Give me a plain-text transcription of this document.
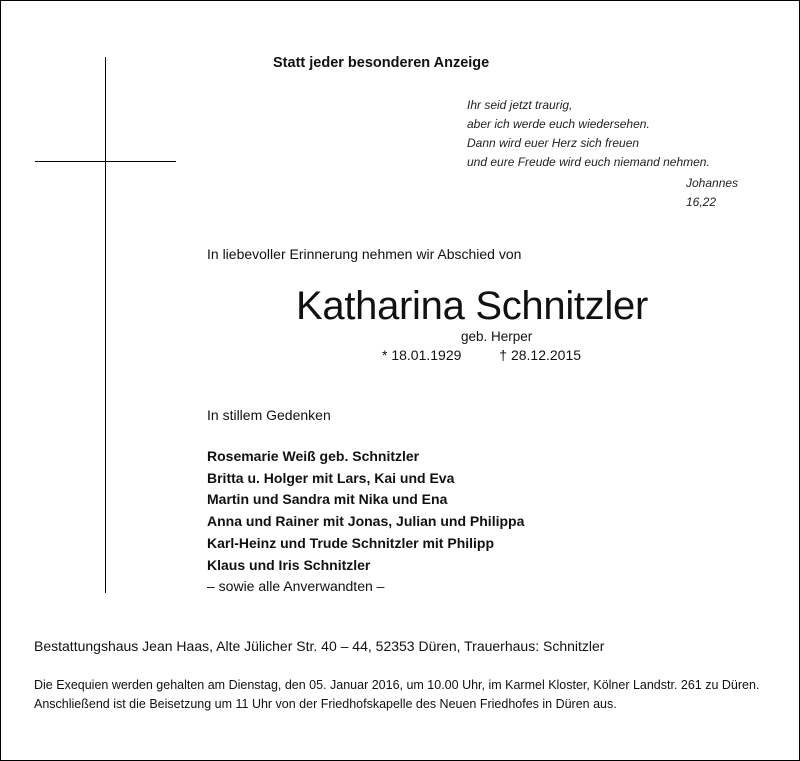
Statt jeder besonderen Anzeige
Ihr seid jetzt traurig,
aber ich werde euch wiedersehen.
Dann wird euer Herz sich freuen
und eure Freude wird euch niemand nehmen.
Johannes
16,22
In liebevoller Erinnerung nehmen wir Abschied von
Katharina Schnitzler
geb. Herper
* 18.01.1929	† 28.12.2015
In stillem Gedenken
Rosemarie Weiß geb. Schnitzler
Britta u. Holger mit Lars, Kai und Eva
Martin und Sandra mit Nika und Ena
Anna und Rainer mit Jonas, Julian und Philippa
Karl-Heinz und Trude Schnitzler mit Philipp
Klaus und Iris Schnitzler
– sowie alle Anverwandten –
Bestattungshaus Jean Haas, Alte Jülicher Str. 40 – 44, 52353 Düren, Trauerhaus: Schnitzler
Die Exequien werden gehalten am Dienstag, den 05. Januar 2016, um 10.00 Uhr, im Karmel Kloster, Kölner Landstr. 261 zu Düren. Anschließend ist die Beisetzung um 11 Uhr von der Friedhofskapelle des Neuen Friedhofes in Düren aus.
